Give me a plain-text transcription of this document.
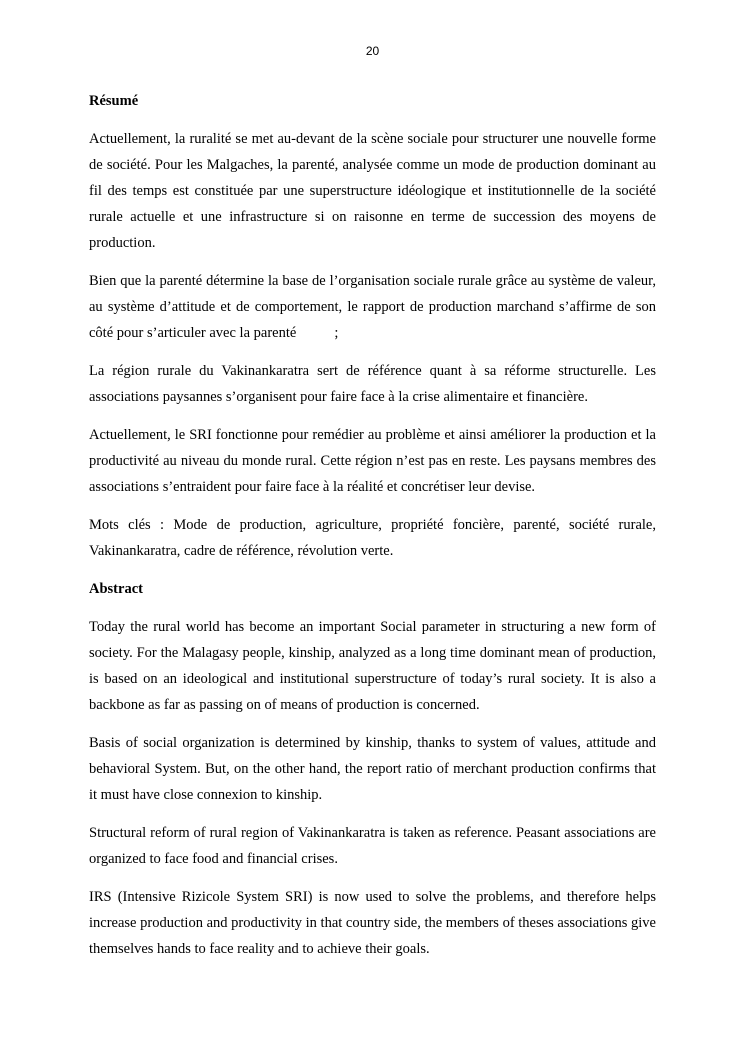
20

Résumé

Actuellement, la ruralité se met au-devant de la scène sociale pour structurer une nouvelle forme de société. Pour les Malgaches, la parenté, analysée comme un mode de production dominant au fil des temps est constituée par une superstructure idéologique et institutionnelle de la société rurale actuelle et une infrastructure si on raisonne en terme de succession des moyens de production.

Bien que la parenté détermine la base de l’organisation sociale rurale grâce au système de valeur, au système d’attitude et de comportement, le rapport de production marchand s’affirme de son côté pour s’articuler avec la parenté	;

La région rurale du Vakinankaratra sert de référence quant à sa réforme structurelle. Les associations paysannes s’organisent pour faire face à la crise alimentaire et financière.

Actuellement, le SRI fonctionne pour remédier au problème et ainsi améliorer la production et la productivité au niveau du monde rural. Cette région n’est pas en reste. Les paysans membres des associations s’entraident pour faire face à la réalité et concrétiser leur devise.

Mots clés : Mode de production, agriculture, propriété foncière, parenté, société rurale, Vakinankaratra, cadre de référence, révolution verte.

Abstract

Today the rural world has become an important Social parameter in structuring a new form of society. For the Malagasy people, kinship, analyzed as a long time dominant mean of production, is based on an ideological and institutional superstructure of today’s rural society. It is also a backbone as far as passing on of means of production is concerned.

Basis of social organization is determined by kinship, thanks to system of values, attitude and behavioral System. But, on the other hand, the report ratio of merchant production confirms that it must have close connexion to kinship.

Structural reform of rural region of Vakinankaratra is taken as reference. Peasant associations are organized to face food and financial crises.

IRS (Intensive Rizicole System SRI) is now used to solve the problems, and therefore helps increase production and productivity in that country side, the members of theses associations give themselves hands to face reality and to achieve their goals.
